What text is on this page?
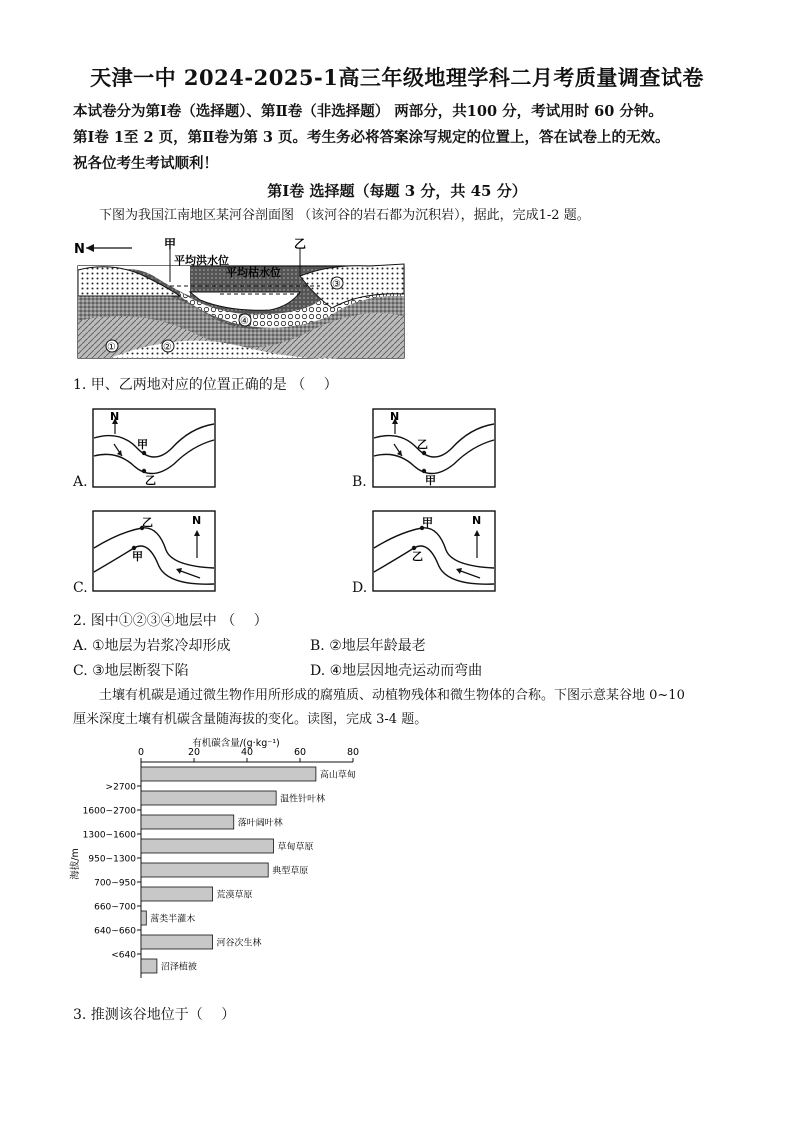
天津一中 2024-2025-1高三年级地理学科二月考质量调查试卷
本试卷分为第Ⅰ卷（选择题）、第Ⅱ卷（非选择题） 两部分，共100 分，考试用时 60 分钟。
第Ⅰ卷 1至 2 页，第Ⅱ卷为第 3 页。考生务必将答案涂写规定的位置上，答在试卷上的无效。
祝各位考生考试顺利！
第Ⅰ卷 选择题（每题 3 分，共 45 分）
下图为我国江南地区某河谷剖面图 （该河谷的岩石都为沉积岩），据此，完成1-2 题。
N	甲	乙
平均洪水位
平均枯水位
①	②
③
④
1. 甲、乙两地对应的位置正确的是 （　 ）
A.
N
甲
乙	B.
N
乙
甲
C.
N
乙
甲
D.
N
甲
乙
2. 图中①②③④地层中 （　 ）
A. ①地层为岩浆冷却形成	B. ②地层年龄最老
C. ③地层断裂下陷	D. ④地层因地壳运动而弯曲
土壤有机碳是通过微生物作用所形成的腐殖质、动植物残体和微生物体的合称。下图示意某谷地 0~10
厘米深度土壤有机碳含量随海拔的变化。读图，完成 3-4 题。
有机碳含量/(g·kg⁻¹)
0	20	40	60	80
高山草甸
温性针叶林
落叶阔叶林
草甸草原
典型草原
荒漠草原
蒿类半灌木
河谷次生林
沼泽植被
>2700
1600~2700
1300~1600
950~1300
700~950
660~700
640~660
<640
海拔/m
3. 推测该谷地位于（　 ）
